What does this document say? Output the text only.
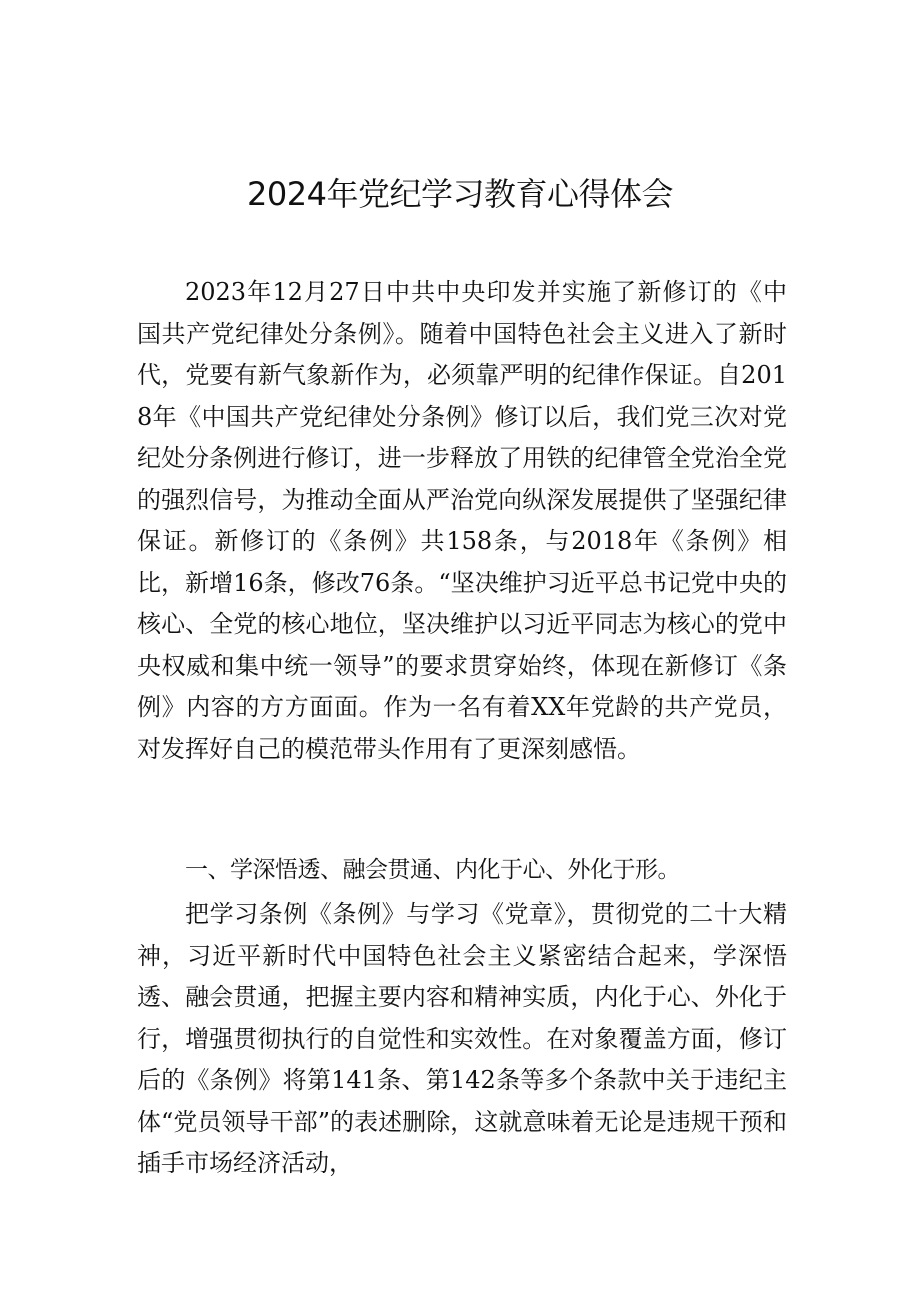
2024年党纪学习教育心得体会

2023年12月27日中共中央印发并实施了新修订的《中国共产党纪律处分条例》。随着中国特色社会主义进入了新时代，党要有新气象新作为，必须靠严明的纪律作保证。自2018年《中国共产党纪律处分条例》修订以后，我们党三次对党纪处分条例进行修订，进一步释放了用铁的纪律管全党治全党的强烈信号，为推动全面从严治党向纵深发展提供了坚强纪律保证。新修订的《条例》共158条，与2018年《条例》相比，新增16条，修改76条。“坚决维护习近平总书记党中央的核心、全党的核心地位，坚决维护以习近平同志为核心的党中央权威和集中统一领导”的要求贯穿始终，体现在新修订《条例》内容的方方面面。作为一名有着XX年党龄的共产党员，对发挥好自己的模范带头作用有了更深刻感悟。

一、学深悟透、融会贯通、内化于心、外化于形。

把学习条例《条例》与学习《党章》，贯彻党的二十大精神，习近平新时代中国特色社会主义紧密结合起来，学深悟透、融会贯通，把握主要内容和精神实质，内化于心、外化于行，增强贯彻执行的自觉性和实效性。在对象覆盖方面，修订后的《条例》将第141条、第142条等多个条款中关于违纪主体“党员领导干部”的表述删除，这就意味着无论是违规干预和插手市场经济活动，
